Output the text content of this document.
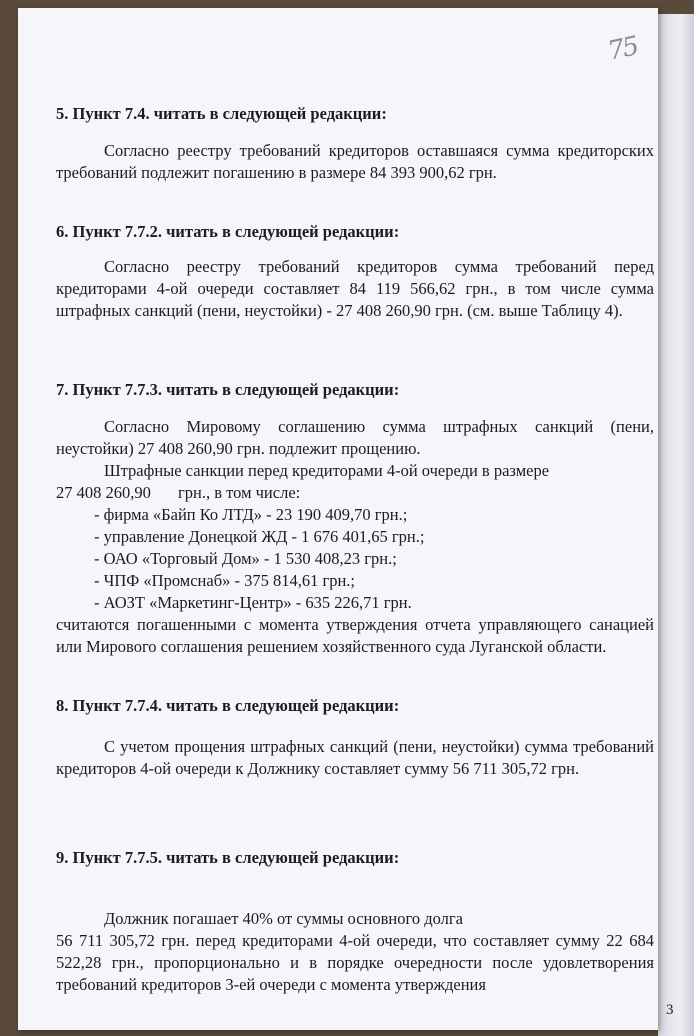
75
5. Пункт 7.4. читать в следующей редакции:
Согласно реестру требований кредиторов оставшаяся сумма кредиторских требований подлежит погашению в размере 84 393 900,62 грн.
6. Пункт 7.7.2. читать в следующей редакции:
Согласно реестру требований кредиторов сумма требований перед кредиторами 4-ой очереди составляет 84 119 566,62 грн., в том числе сумма штрафных санкций (пени, неустойки) - 27 408 260,90 грн. (см. выше Таблицу 4).
7. Пункт 7.7.3. читать в следующей редакции:
Согласно Мировому соглашению сумма штрафных санкций (пени, неустойки) 27 408 260,90 грн. подлежит прощению.
Штрафные санкции перед кредиторами 4-ой очереди в размере
27 408 260,90 грн., в том числе:
- фирма «Байп Ко ЛТД» - 23 190 409,70 грн.;
- управление Донецкой ЖД - 1 676 401,65 грн.;
- ОАО «Торговый Дом» - 1 530 408,23 грн.;
- ЧПФ «Промснаб» - 375 814,61 грн.;
- АОЗТ «Маркетинг-Центр» - 635 226,71 грн.
считаются погашенными с момента утверждения отчета управляющего санацией или Мирового соглашения решением хозяйственного суда Луганской области.
8. Пункт 7.7.4. читать в следующей редакции:
С учетом прощения штрафных санкций (пени, неустойки) сумма требований кредиторов 4-ой очереди к Должнику составляет сумму 56 711 305,72 грн.
9. Пункт 7.7.5. читать в следующей редакции:
Должник погашает 40% от суммы основного долга
56 711 305,72 грн. перед кредиторами 4-ой очереди, что составляет сумму 22 684 522,28 грн., пропорционально и в порядке очередности после удовлетворения требований кредиторов 3-ей очереди с момента утверждения
3
